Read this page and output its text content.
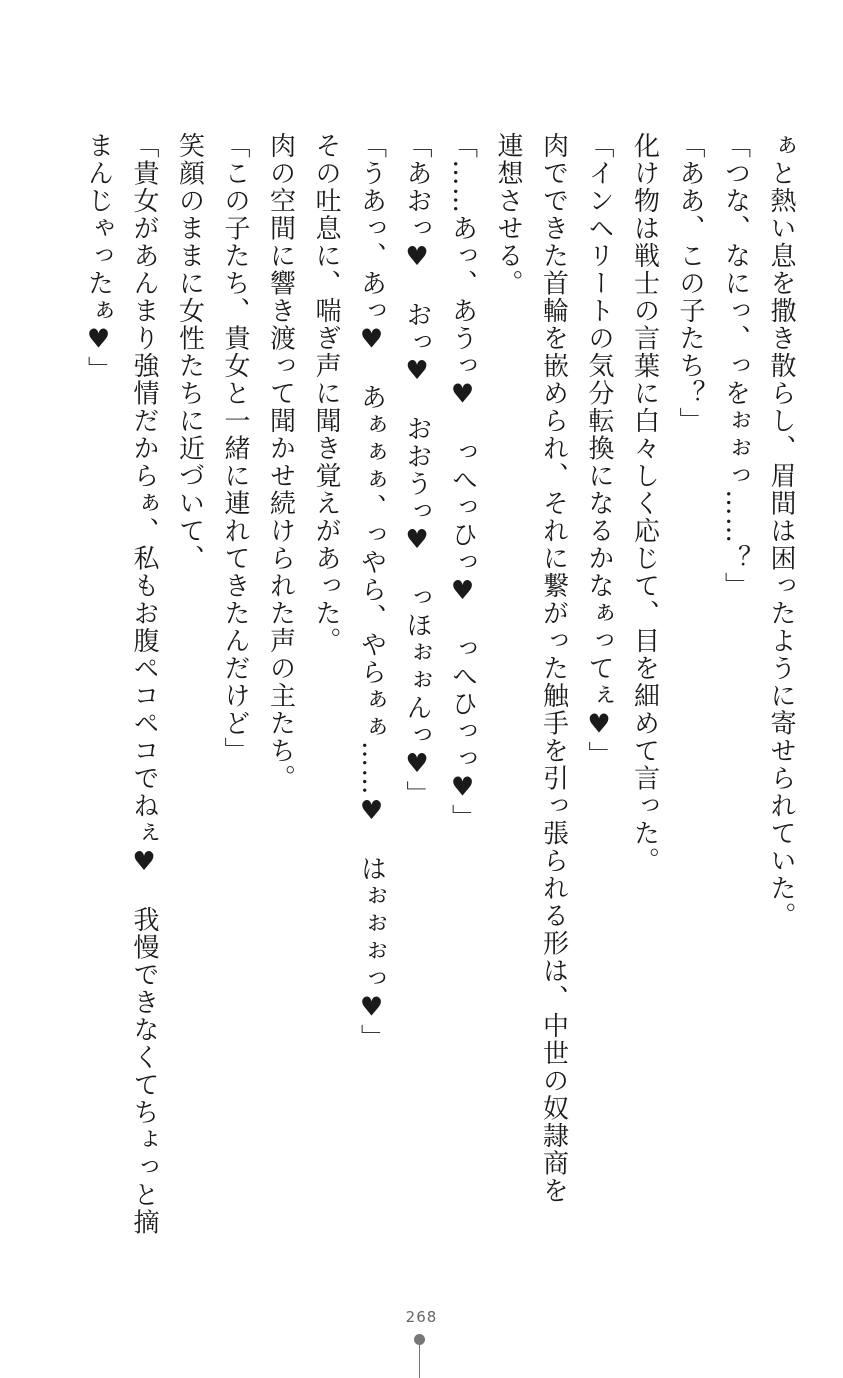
ぁと熱い息を撒き散らし、眉間は困ったように寄せられていた。
「つな、なにっ、っをぉぉっ……？」
「ああ、この子たち？」
化け物は戦士の言葉に白々しく応じて、目を細めて言った。
「インヘリートの気分転換になるかなぁってぇ♥」
肉でできた首輪を嵌められ、それに繋がった触手を引っ張られる形は、中世の奴隷商を
連想させる。
「……あっ、あうっ♥　っへっひっ♥　っへひっっ♥」
「あおっ♥　おっ♥　おおうっ♥　っほぉぉんっ♥」
「うあっ、あっ♥　あぁぁぁ、っやら、やらぁぁ……♥　はぉぉぉっ♥」
その吐息に、喘ぎ声に聞き覚えがあった。
肉の空間に響き渡って聞かせ続けられた声の主たち。
「この子たち、貴女と一緒に連れてきたんだけど」
笑顔のままに女性たちに近づいて、
「貴女があんまり強情だからぁ、私もお腹ペコペコでねぇ♥　我慢できなくてちょっと摘
まんじゃったぁ♥」
268
